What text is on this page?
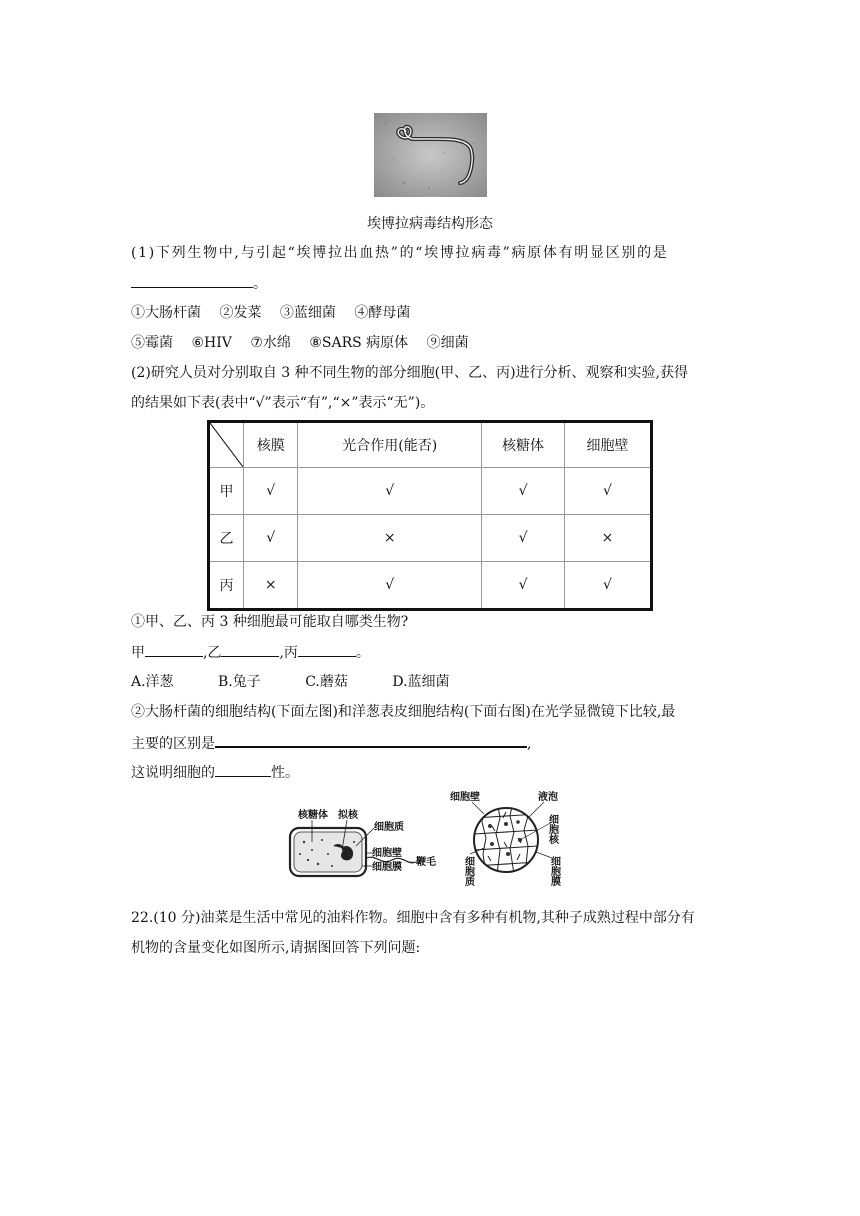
埃博拉病毒结构形态
(1)下列生物中,与引起“埃博拉出血热”的“埃博拉病毒”病原体有明显区别的是
。
①大肠杆菌 ②发菜 ③蓝细菌 ④酵母菌
⑤霉菌 ⑥HIV ⑦水绵 ⑧SARS 病原体 ⑨细菌
(2)研究人员对分别取自 3 种不同生物的部分细胞(甲、乙、丙)进行分析、观察和实验,获得
的结果如下表(表中“√”表示“有”,“×”表示“无”)。
	核膜	光合作用(能否)	核糖体	细胞壁
甲	√	√	√	√
乙	√	×	√	×
丙	×	√	√	√
①甲、乙、丙 3 种细胞最可能取自哪类生物?
甲	,乙	,丙	。
A.洋葱	B.兔子	C.蘑菇	D.蓝细菌
②大肠杆菌的细胞结构(下面左图)和洋葱表皮细胞结构(下面右图)在光学显微镜下比较,最
主要的区别是	,
这说明细胞的	性。
核糖体 拟核
细胞质
细胞壁
细胞膜 鞭毛
细胞壁	液泡
细胞核
细胞质	细胞膜
22.(10 分)油菜是生活中常见的油料作物。细胞中含有多种有机物,其种子成熟过程中部分有
机物的含量变化如图所示,请据图回答下列问题:
